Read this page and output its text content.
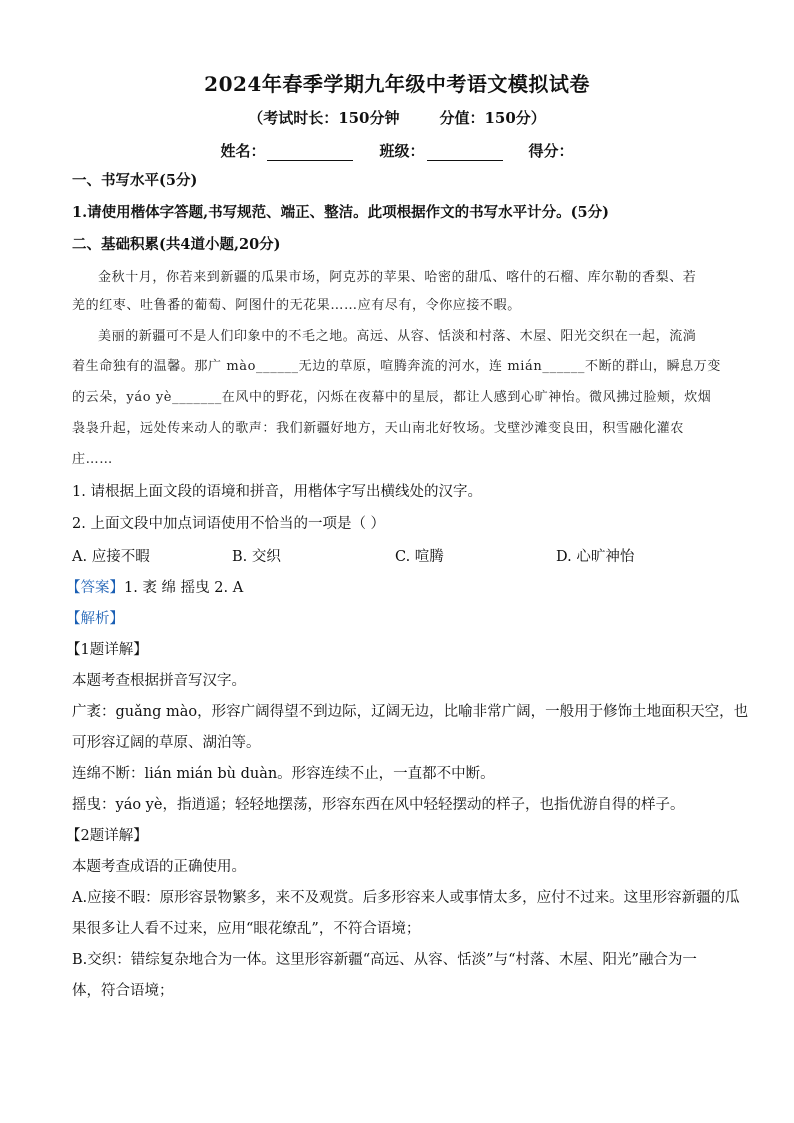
2024年春季学期九年级中考语文模拟试卷
（考试时长：150分钟	分值：150分）
姓名：	班级：	得分：
一、书写水平(5分)
1.请使用楷体字答题,书写规范、端正、整洁。此项根据作文的书写水平计分。(5分)
二、基础积累(共4道小题,20分)
金秋十月，你若来到新疆的瓜果市场，阿克苏的苹果、哈密的甜瓜、喀什的石榴、库尔勒的香梨、若
羌的红枣、吐鲁番的葡萄、阿图什的无花果……应有尽有，令你应接不暇。
美丽的新疆可不是人们印象中的不毛之地。高远、从容、恬淡和村落、木屋、阳光交织在一起，流淌
着生命独有的温馨。那广 mào______无边的草原，喧腾奔流的河水，连 mián______不断的群山，瞬息万变
的云朵，yáo yè_______在风中的野花，闪烁在夜幕中的星辰，都让人感到心旷神怡。微风拂过脸颊，炊烟
袅袅升起，远处传来动人的歌声：我们新疆好地方，天山南北好牧场。戈壁沙滩变良田，积雪融化灌农
庄……
1. 请根据上面文段的语境和拼音，用楷体字写出横线处的汉字。
2. 上面文段中加点词语使用不恰当的一项是（ ）
A. 应接不暇	B. 交织	C. 喧腾	D. 心旷神怡
【答案】1. 袤 绵 摇曳 2. A
【解析】
【1题详解】
本题考查根据拼音写汉字。
广袤：guǎng mào，形容广阔得望不到边际，辽阔无边，比喻非常广阔，一般用于修饰土地面积天空，也
可形容辽阔的草原、湖泊等。
连绵不断：lián mián bù duàn。形容连续不止，一直都不中断。
摇曳：yáo yè，指逍遥；轻轻地摆荡，形容东西在风中轻轻摆动的样子，也指优游自得的样子。
【2题详解】
本题考查成语的正确使用。
A.应接不暇：原形容景物繁多，来不及观赏。后多形容来人或事情太多，应付不过来。这里形容新疆的瓜
果很多让人看不过来，应用“眼花缭乱”，不符合语境；
B.交织：错综复杂地合为一体。这里形容新疆“高远、从容、恬淡”与“村落、木屋、阳光”融合为一
体，符合语境；
